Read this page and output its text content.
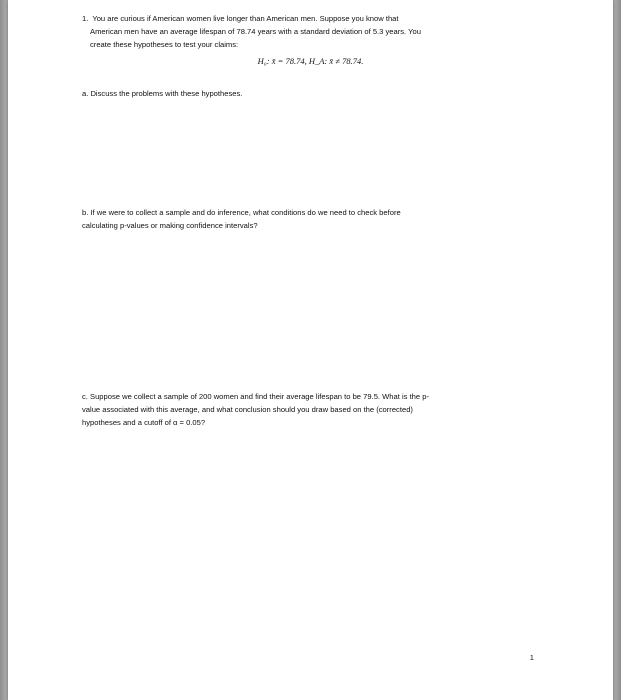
1. You are curious if American women live longer than American men. Suppose you know that
American men have an average lifespan of 78.74 years with a standard deviation of 5.3 years. You
create these hypotheses to test your claims:
H₀: x̄ = 78.74, H_A: x̄ ≠ 78.74.
a. Discuss the problems with these hypotheses.
b. If we were to collect a sample and do inference, what conditions do we need to check before
calculating p-values or making confidence intervals?
c. Suppose we collect a sample of 200 women and find their average lifespan to be 79.5. What is the p-
value associated with this average, and what conclusion should you draw based on the (corrected)
hypotheses and a cutoff of α = 0.05?
1
